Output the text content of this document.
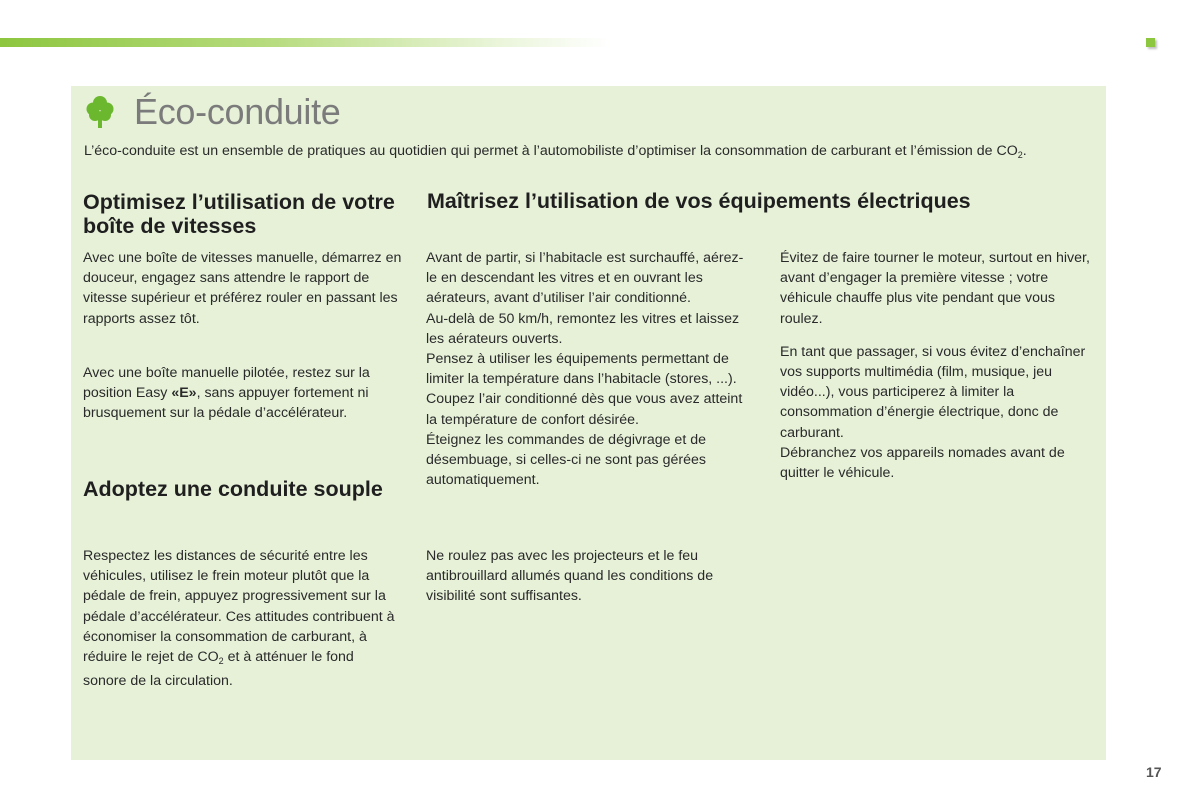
Éco-conduite
L’éco-conduite est un ensemble de pratiques au quotidien qui permet à l’automobiliste d’optimiser la consommation de carburant et l’émission de $CO_2$.
Optimisez l’utilisation de votre boîte de vitesses

Avec une boîte de vitesses manuelle, démarrez en douceur, engagez sans attendre le rapport de vitesse supérieur et préférez rouler en passant les rapports assez tôt.

Avec une boîte manuelle pilotée, restez sur la position Easy «E», sans appuyer fortement ni brusquement sur la pédale d’accélérateur.

Adoptez une conduite souple

Respectez les distances de sécurité entre les véhicules, utilisez le frein moteur plutôt que la pédale de frein, appuyez progressivement sur la pédale d’accélérateur. Ces attitudes contribuent à économiser la consommation de carburant, à réduire le rejet de $CO_2$ et à atténuer le fond sonore de la circulation.

Maîtrisez l’utilisation de vos équipements électriques

Avant de partir, si l’habitacle est surchauffé, aérez-le en descendant les vitres et en ouvrant les aérateurs, avant d’utiliser l’air conditionné.

Au-delà de 50 km/h, remontez les vitres et laissez les aérateurs ouverts.

Pensez à utiliser les équipements permettant de limiter la température dans l’habitacle (stores, ...).

Coupez l’air conditionné dès que vous avez atteint la température de confort désirée.

Éteignez les commandes de dégivrage et de désembuage, si celles-ci ne sont pas gérées automatiquement.

Ne roulez pas avec les projecteurs et le feu antibrouillard allumés quand les conditions de visibilité sont suffisantes.

Évitez de faire tourner le moteur, surtout en hiver, avant d’engager la première vitesse ; votre véhicule chauffe plus vite pendant que vous roulez.

En tant que passager, si vous évitez d’enchaîner vos supports multimédia (film, musique, jeu vidéo...), vous participerez à limiter la consommation d’énergie électrique, donc de carburant.

Débranchez vos appareils nomades avant de quitter le véhicule.

17
